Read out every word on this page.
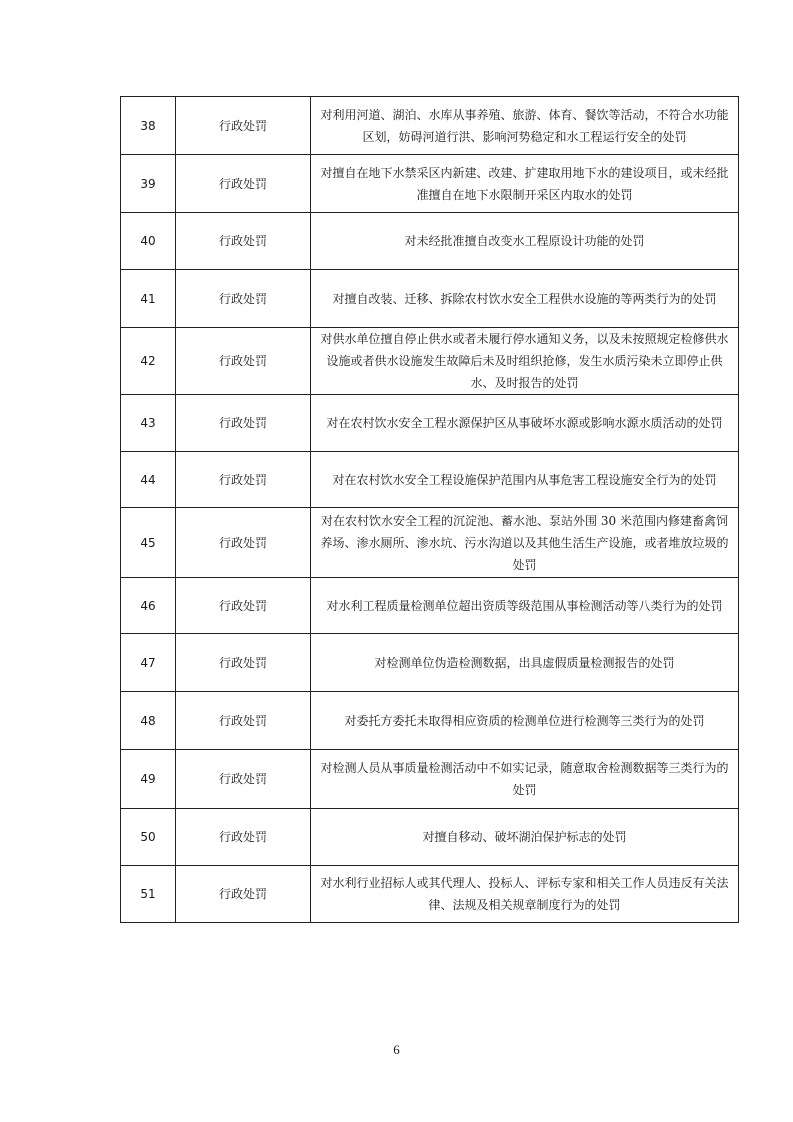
38	行政处罚	对利用河道、湖泊、水库从事养殖、旅游、体育、餐饮等活动，不符合水功能区划，妨碍河道行洪、影响河势稳定和水工程运行安全的处罚
39	行政处罚	对擅自在地下水禁采区内新建、改建、扩建取用地下水的建设项目，或未经批准擅自在地下水限制开采区内取水的处罚
40	行政处罚	对未经批准擅自改变水工程原设计功能的处罚
41	行政处罚	对擅自改装、迁移、拆除农村饮水安全工程供水设施的等两类行为的处罚
42	行政处罚	对供水单位擅自停止供水或者未履行停水通知义务，以及未按照规定检修供水设施或者供水设施发生故障后未及时组织抢修，发生水质污染未立即停止供水、及时报告的处罚
43	行政处罚	对在农村饮水安全工程水源保护区从事破坏水源或影响水源水质活动的处罚
44	行政处罚	对在农村饮水安全工程设施保护范围内从事危害工程设施安全行为的处罚
45	行政处罚	对在农村饮水安全工程的沉淀池、蓄水池、泵站外围 30 米范围内修建畜禽饲养场、渗水厕所、渗水坑、污水沟道以及其他生活生产设施，或者堆放垃圾的处罚
46	行政处罚	对水利工程质量检测单位超出资质等级范围从事检测活动等八类行为的处罚
47	行政处罚	对检测单位伪造检测数据，出具虚假质量检测报告的处罚
48	行政处罚	对委托方委托未取得相应资质的检测单位进行检测等三类行为的处罚
49	行政处罚	对检测人员从事质量检测活动中不如实记录，随意取舍检测数据等三类行为的处罚
50	行政处罚	对擅自移动、破坏湖泊保护标志的处罚
51	行政处罚	对水利行业招标人或其代理人、投标人、评标专家和相关工作人员违反有关法律、法规及相关规章制度行为的处罚
6
